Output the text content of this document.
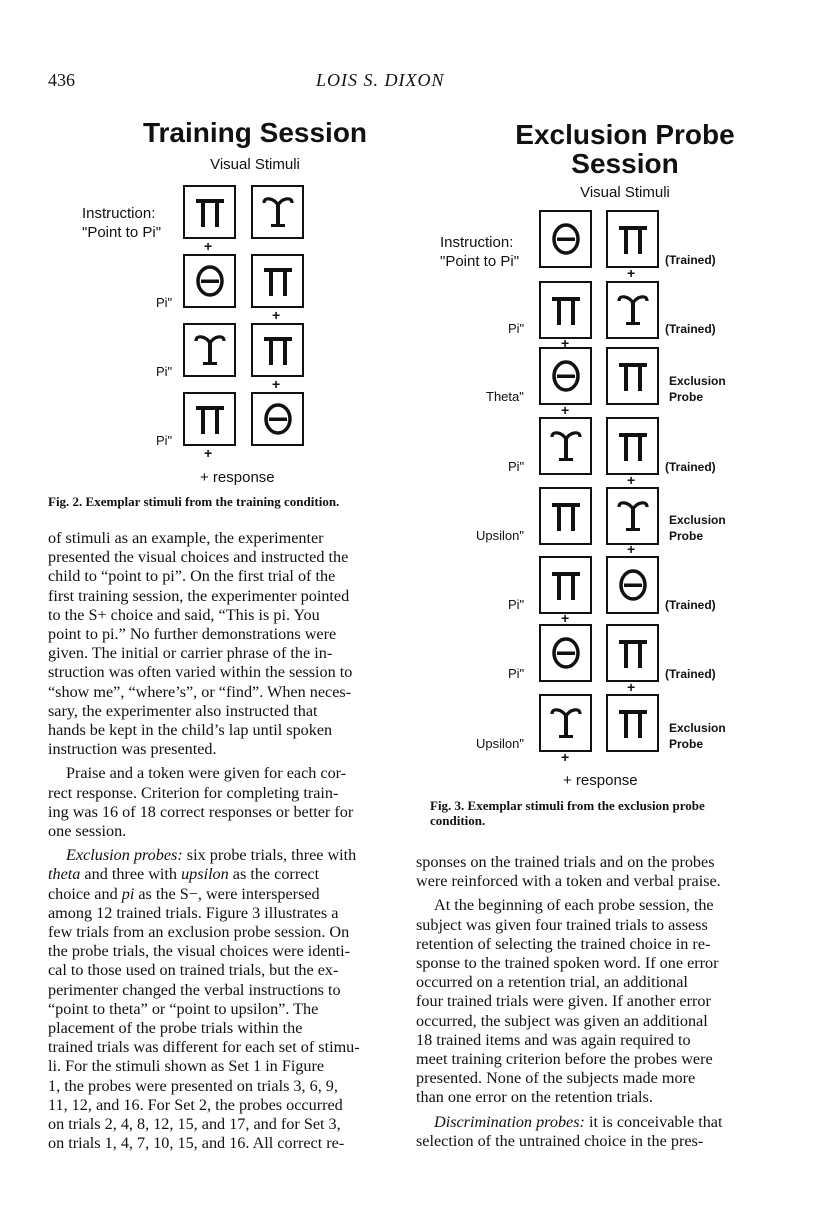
436	LOIS S. DIXON
Training Session
Visual Stimuli
Instruction:
"Point to Pi"
+
Pi"
+
Pi"
+
Pi"
+
+ response
Fig. 2. Exemplar stimuli from the training condition.
Exclusion Probe
Session
Visual Stimuli
Instruction:
"Point to Pi"
+
(Trained)
Pi"
+
(Trained)
Theta"
+
Exclusion
Probe
Pi"
+
(Trained)
Upsilon"
+
Exclusion
Probe
Pi"
+
(Trained)
Pi"
+
(Trained)
Upsilon"
+
Exclusion
Probe
+ response
Fig. 3. Exemplar stimuli from the exclusion probe
condition.

of stimuli as an example, the experimenter
presented the visual choices and instructed the
child to “point to pi”. On the first trial of the
first training session, the experimenter pointed
to the S+ choice and said, “This is pi. You
point to pi.” No further demonstrations were
given. The initial or carrier phrase of the in-
struction was often varied within the session to
“show me”, “where’s”, or “find”. When neces-
sary, the experimenter also instructed that
hands be kept in the child’s lap until spoken
instruction was presented.

Praise and a token were given for each cor-
rect response. Criterion for completing train-
ing was 16 of 18 correct responses or better for
one session.

Exclusion probes: six probe trials, three with
theta and three with upsilon as the correct
choice and pi as the S−, were interspersed
among 12 trained trials. Figure 3 illustrates a
few trials from an exclusion probe session. On
the probe trials, the visual choices were identi-
cal to those used on trained trials, but the ex-
perimenter changed the verbal instructions to
“point to theta” or “point to upsilon”. The
placement of the probe trials within the
trained trials was different for each set of stimu-
li. For the stimuli shown as Set 1 in Figure
1, the probes were presented on trials 3, 6, 9,
11, 12, and 16. For Set 2, the probes occurred
on trials 2, 4, 8, 12, 15, and 17, and for Set 3,
on trials 1, 4, 7, 10, 15, and 16. All correct re-

sponses on the trained trials and on the probes
were reinforced with a token and verbal praise.

At the beginning of each probe session, the
subject was given four trained trials to assess
retention of selecting the trained choice in re-
sponse to the trained spoken word. If one error
occurred on a retention trial, an additional
four trained trials were given. If another error
occurred, the subject was given an additional
18 trained items and was again required to
meet training criterion before the probes were
presented. None of the subjects made more
than one error on the retention trials.

Discrimination probes: it is conceivable that
selection of the untrained choice in the pres-
